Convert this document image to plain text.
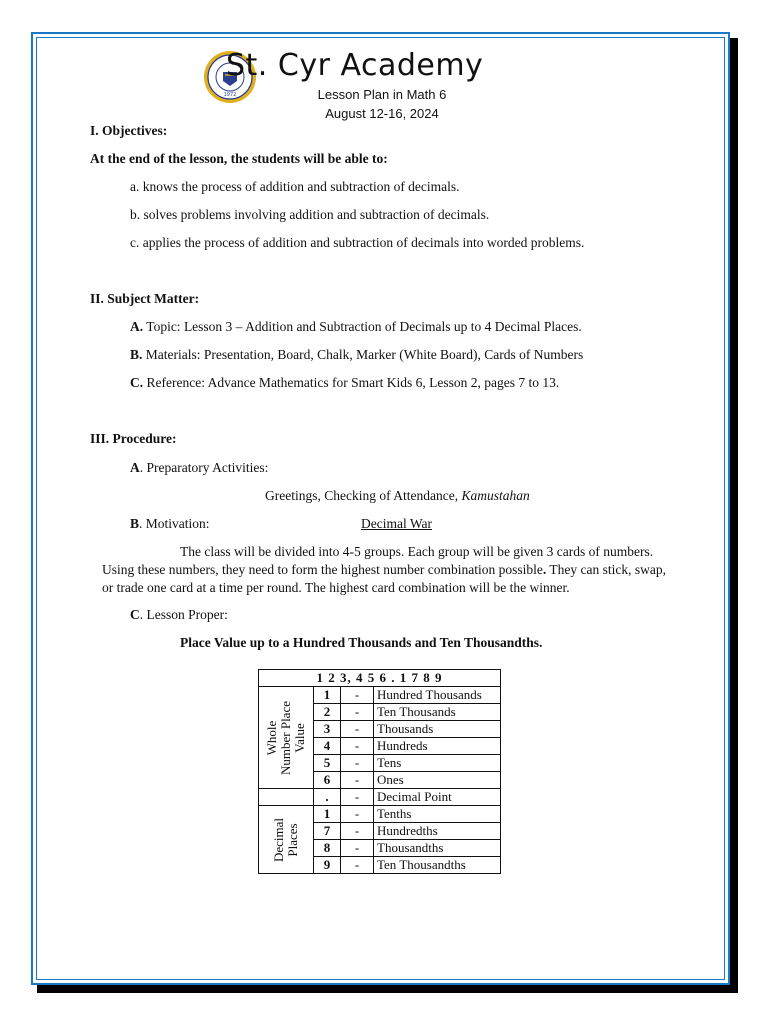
1972
St. Cyr Academy
Lesson Plan in Math 6
August 12-16, 2024
I. Objectives:
At the end of the lesson, the students will be able to:
a. knows the process of addition and subtraction of decimals.
b. solves problems involving addition and subtraction of decimals.
c. applies the process of addition and subtraction of decimals into worded problems.
II. Subject Matter:
A. Topic: Lesson 3 – Addition and Subtraction of Decimals up to 4 Decimal Places.
B. Materials: Presentation, Board, Chalk, Marker (White Board), Cards of Numbers
C. Reference: Advance Mathematics for Smart Kids 6, Lesson 2, pages 7 to 13.
III. Procedure:
A. Preparatory Activities:
Greetings, Checking of Attendance, Kamustahan
B. Motivation:	Decimal War
The class will be divided into 4-5 groups. Each group will be given 3 cards of numbers. Using these numbers, they need to form the highest number combination possible. They can stick, swap, or trade one card at a time per round. The highest card combination will be the winner.
C. Lesson Proper:
Place Value up to a Hundred Thousands and Ten Thousandths.
1 2 3, 4 5 6 . 1 7 8 9			

Whole
Number Place
Value	1	-	Hundred Thousands
	2	-	Ten Thousands
	3	-	Thousands
	4	-	Hundreds
	5	-	Tens
	6	-	Ones
	.	-	Decimal Point

Decimal
Places	1	-	Tenths
	7	-	Hundredths
	8	-	Thousandths
	9	-	Ten Thousandths
